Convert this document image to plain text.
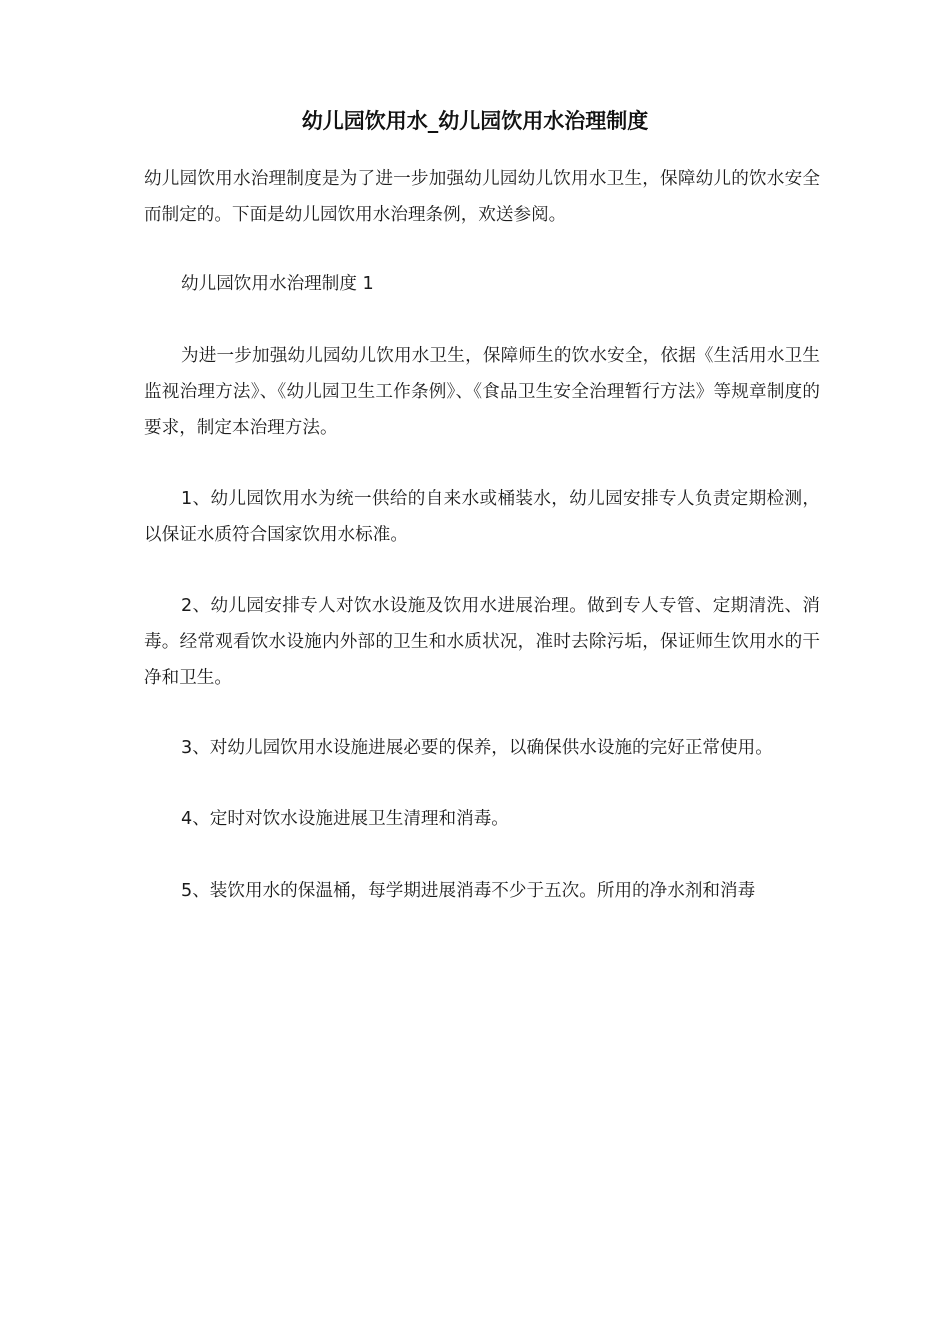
幼儿园饮用水_幼儿园饮用水治理制度

幼儿园饮用水治理制度是为了进一步加强幼儿园幼儿饮用水卫生，保障幼儿的饮水安全而制定的。下面是幼儿园饮用水治理条例，欢送参阅。

幼儿园饮用水治理制度 1

为进一步加强幼儿园幼儿饮用水卫生，保障师生的饮水安全，依据《生活用水卫生监视治理方法》、《幼儿园卫生工作条例》、《食品卫生安全治理暂行方法》等规章制度的要求，制定本治理方法。

1、幼儿园饮用水为统一供给的自来水或桶装水，幼儿园安排专人负责定期检测，以保证水质符合国家饮用水标准。

2、幼儿园安排专人对饮水设施及饮用水进展治理。做到专人专管、定期清洗、消毒。经常观看饮水设施内外部的卫生和水质状况，准时去除污垢，保证师生饮用水的干净和卫生。

3、对幼儿园饮用水设施进展必要的保养，以确保供水设施的完好正常使用。

4、定时对饮水设施进展卫生清理和消毒。

5、装饮用水的保温桶，每学期进展消毒不少于五次。所用的净水剂和消毒
